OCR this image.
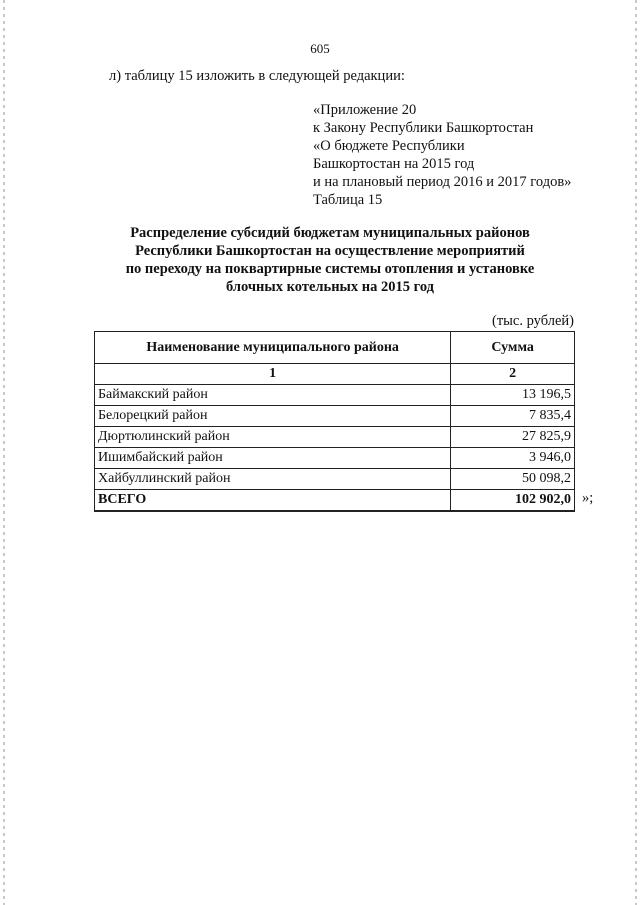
605
л) таблицу 15 изложить в следующей редакции:
«Приложение 20
к Закону Республики Башкортостан
«О бюджете Республики
Башкортостан на 2015 год
и на плановый период 2016 и 2017 годов»
Таблица 15
Распределение субсидий бюджетам муниципальных районов
Республики Башкортостан на осуществление мероприятий
по переходу на поквартирные системы отопления и установке
блочных котельных на 2015 год
(тыс. рублей)
Наименование муниципального района	Сумма
1	2
Баймакский район	13 196,5
Белорецкий район	7 835,4
Дюртюлинский район	27 825,9
Ишимбайский район	3 946,0
Хайбуллинский район	50 098,2
ВСЕГО	102 902,0 »;
